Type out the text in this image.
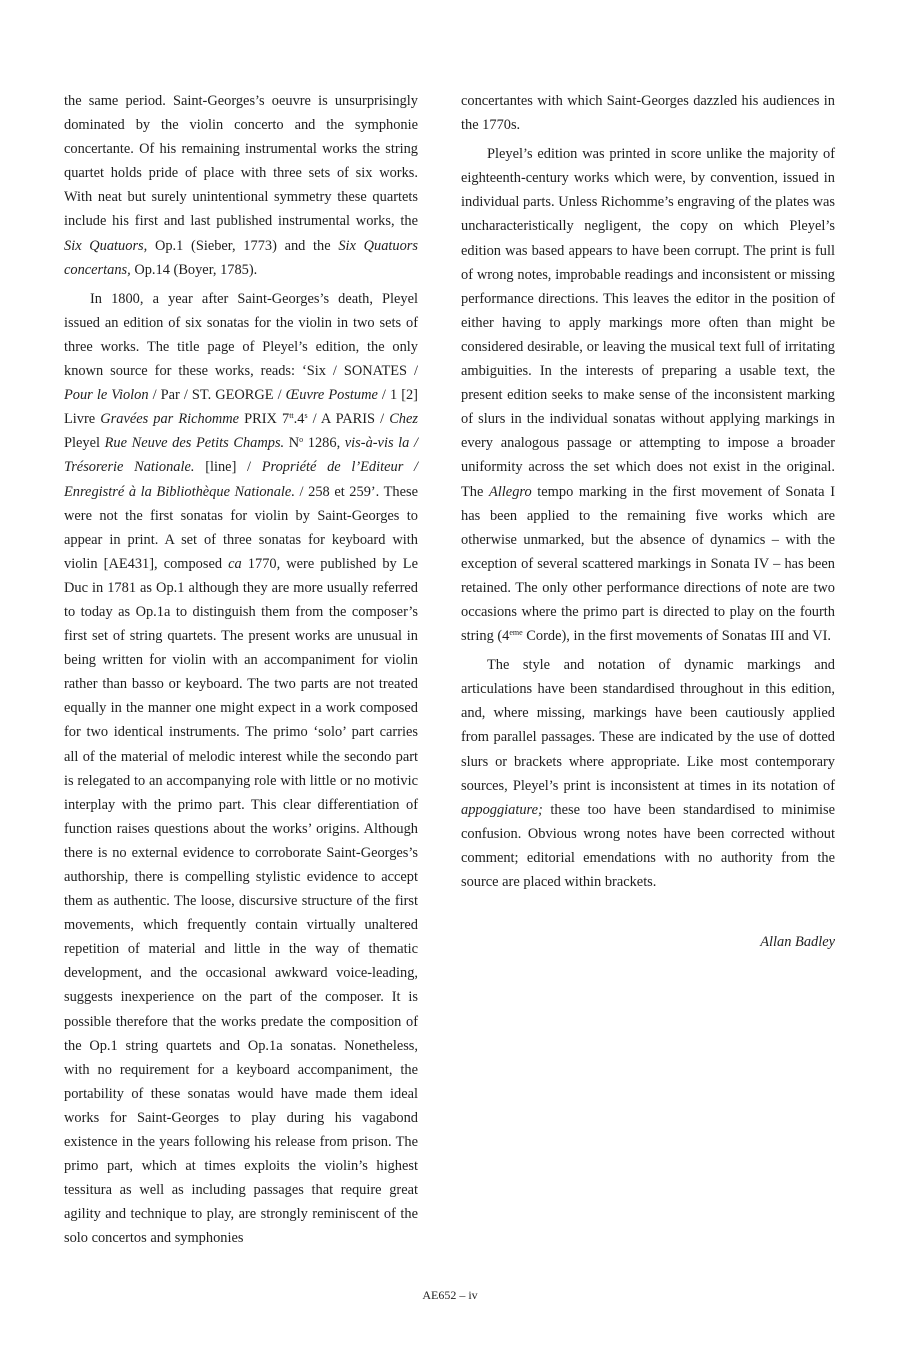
the same period. Saint-Georges’s oeuvre is unsurprisingly dominated by the violin concerto and the symphonie concertante. Of his remaining instrumental works the string quartet holds pride of place with three sets of six works. With neat but surely unintentional symmetry these quartets include his first and last published instrumental works, the Six Quatuors, Op.1 (Sieber, 1773) and the Six Quatuors concertans, Op.14 (Boyer, 1785).

In 1800, a year after Saint-Georges’s death, Pleyel issued an edition of six sonatas for the violin in two sets of three works. The title page of Pleyel’s edition, the only known source for these works, reads: ‘Six / SONATES / Pour le Violon / Par / ST. GEORGE / Œuvre Postume / 1 [2] Livre Gravées par Richomme PRIX $7^{tt}.4^s$ / A PARIS / Chez Pleyel Rue Neuve des Petits Champs. $N^o$ 1286, vis-à-vis la / Trésorerie Nationale. [line] / Propriété de l’Editeur / Enregistré à la Bibliothèque Nationale. / 258 et 259’. These were not the first sonatas for violin by Saint-Georges to appear in print. A set of three sonatas for keyboard with violin [AE431], composed ca 1770, were published by Le Duc in 1781 as Op.1 although they are more usually referred to today as Op.1a to distinguish them from the composer’s first set of string quartets. The present works are unusual in being written for violin with an accompaniment for violin rather than basso or keyboard. The two parts are not treated equally in the manner one might expect in a work composed for two identical instruments. The primo ‘solo’ part carries all of the material of melodic interest while the secondo part is relegated to an accompanying role with little or no motivic interplay with the primo part. This clear differentiation of function raises questions about the works’ origins. Although there is no external evidence to corroborate Saint-Georges’s authorship, there is compelling stylistic evidence to accept them as authentic. The loose, discursive structure of the first movements, which frequently contain virtually unaltered repetition of material and little in the way of thematic development, and the occasional awkward voice-leading, suggests inexperience on the part of the composer. It is possible therefore that the works predate the composition of the Op.1 string quartets and Op.1a sonatas. Nonetheless, with no requirement for a keyboard accompaniment, the portability of these sonatas would have made them ideal works for Saint-Georges to play during his vagabond existence in the years following his release from prison. The primo part, which at times exploits the violin’s highest tessitura as well as including passages that require great agility and technique to play, are strongly reminiscent of the solo concertos and symphonies

concertantes with which Saint-Georges dazzled his audiences in the 1770s.

Pleyel’s edition was printed in score unlike the majority of eighteenth-century works which were, by convention, issued in individual parts. Unless Richomme’s engraving of the plates was uncharacteristically negligent, the copy on which Pleyel’s edition was based appears to have been corrupt. The print is full of wrong notes, improbable readings and inconsistent or missing performance directions. This leaves the editor in the position of either having to apply markings more often than might be considered desirable, or leaving the musical text full of irritating ambiguities. In the interests of preparing a usable text, the present edition seeks to make sense of the inconsistent marking of slurs in the individual sonatas without applying markings in every analogous passage or attempting to impose a broader uniformity across the set which does not exist in the original. The Allegro tempo marking in the first movement of Sonata I has been applied to the remaining five works which are otherwise unmarked, but the absence of dynamics – with the exception of several scattered markings in Sonata IV – has been retained. The only other performance directions of note are two occasions where the primo part is directed to play on the fourth string (4eme Corde), in the first movements of Sonatas III and VI.

The style and notation of dynamic markings and articulations have been standardised throughout in this edition, and, where missing, markings have been cautiously applied from parallel passages. These are indicated by the use of dotted slurs or brackets where appropriate. Like most contemporary sources, Pleyel’s print is inconsistent at times in its notation of appoggiature; these too have been standardised to minimise confusion. Obvious wrong notes have been corrected without comment; editorial emendations with no authority from the source are placed within brackets.

Allan Badley
AE652 – iv
